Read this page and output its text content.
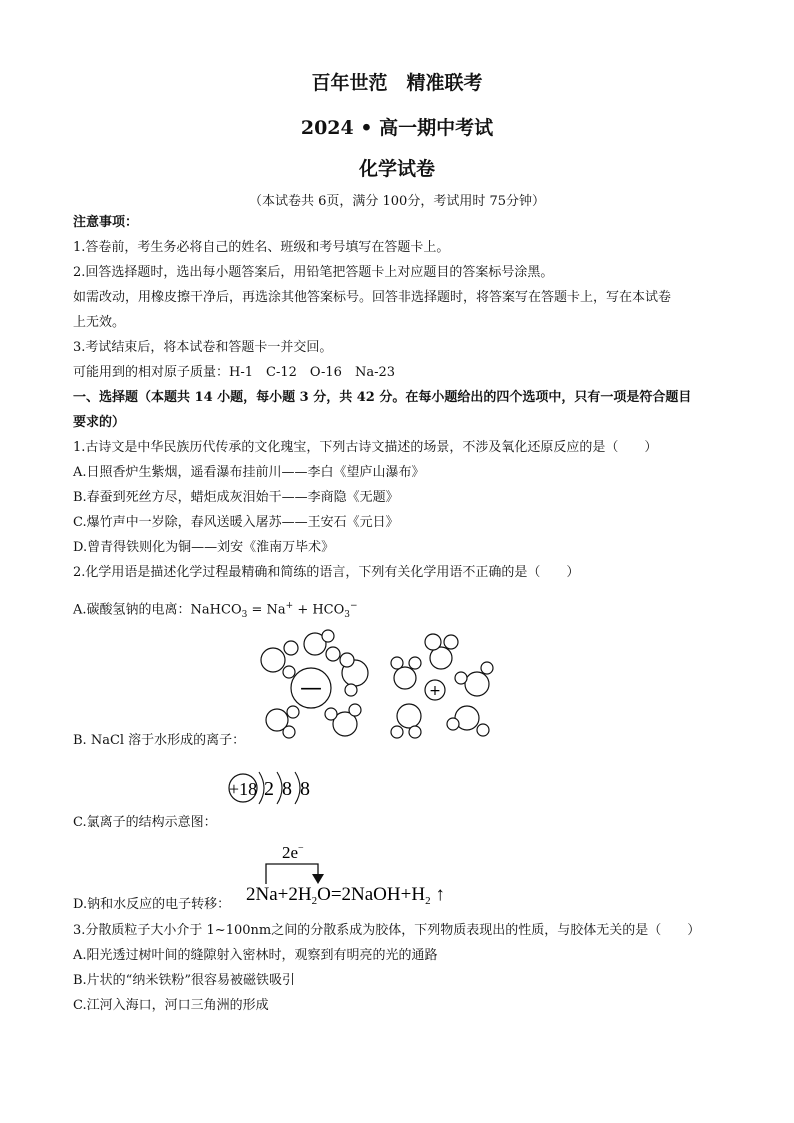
百年世范　精准联考
2024 • 高一期中考试
化学试卷
（本试卷共 6页，满分 100分，考试用时 75分钟）
注意事项：
1.答卷前，考生务必将自己的姓名、班级和考号填写在答题卡上。
2.回答选择题时，选出每小题答案后，用铅笔把答题卡上对应题目的答案标号涂黑。
如需改动，用橡皮擦干净后，再选涂其他答案标号。回答非选择题时，将答案写在答题卡上，写在本试卷
上无效。
3.考试结束后，将本试卷和答题卡一并交回。
可能用到的相对原子质量：H-1　C-12　O-16　Na-23
一、选择题（本题共 14 小题，每小题 3 分，共 42 分。在每小题给出的四个选项中，只有一项是符合题目
要求的）
1.古诗文是中华民族历代传承的文化瑰宝，下列古诗文描述的场景，不涉及氧化还原反应的是（　　）
A.日照香炉生紫烟，遥看瀑布挂前川——李白《望庐山瀑布》
B.春蚕到死丝方尽，蜡炬成灰泪始干——李商隐《无题》
C.爆竹声中一岁除，春风送暖入屠苏——王安石《元日》
D.曾青得铁则化为铜——刘安《淮南万毕术》
2.化学用语是描述化学过程最精确和简练的语言，下列有关化学用语不正确的是（　　）
A.碳酸氢钠的电离：NaHCO$_3$ = $Na^+ + HCO_3^-$
—	+
B. NaCl 溶于水形成的离子：
+18 2 8 8
C.氯离子的结构示意图：
2e−
$2Na+2H_2O=2NaOH+H_2$ ↑
D.钠和水反应的电子转移：
3.分散质粒子大小介于 1~100nm之间的分散系成为胶体，下列物质表现出的性质，与胶体无关的是（　　）
A.阳光透过树叶间的缝隙射入密林时，观察到有明亮的光的通路
B.片状的“纳米铁粉”很容易被磁铁吸引
C.江河入海口，河口三角洲的形成
